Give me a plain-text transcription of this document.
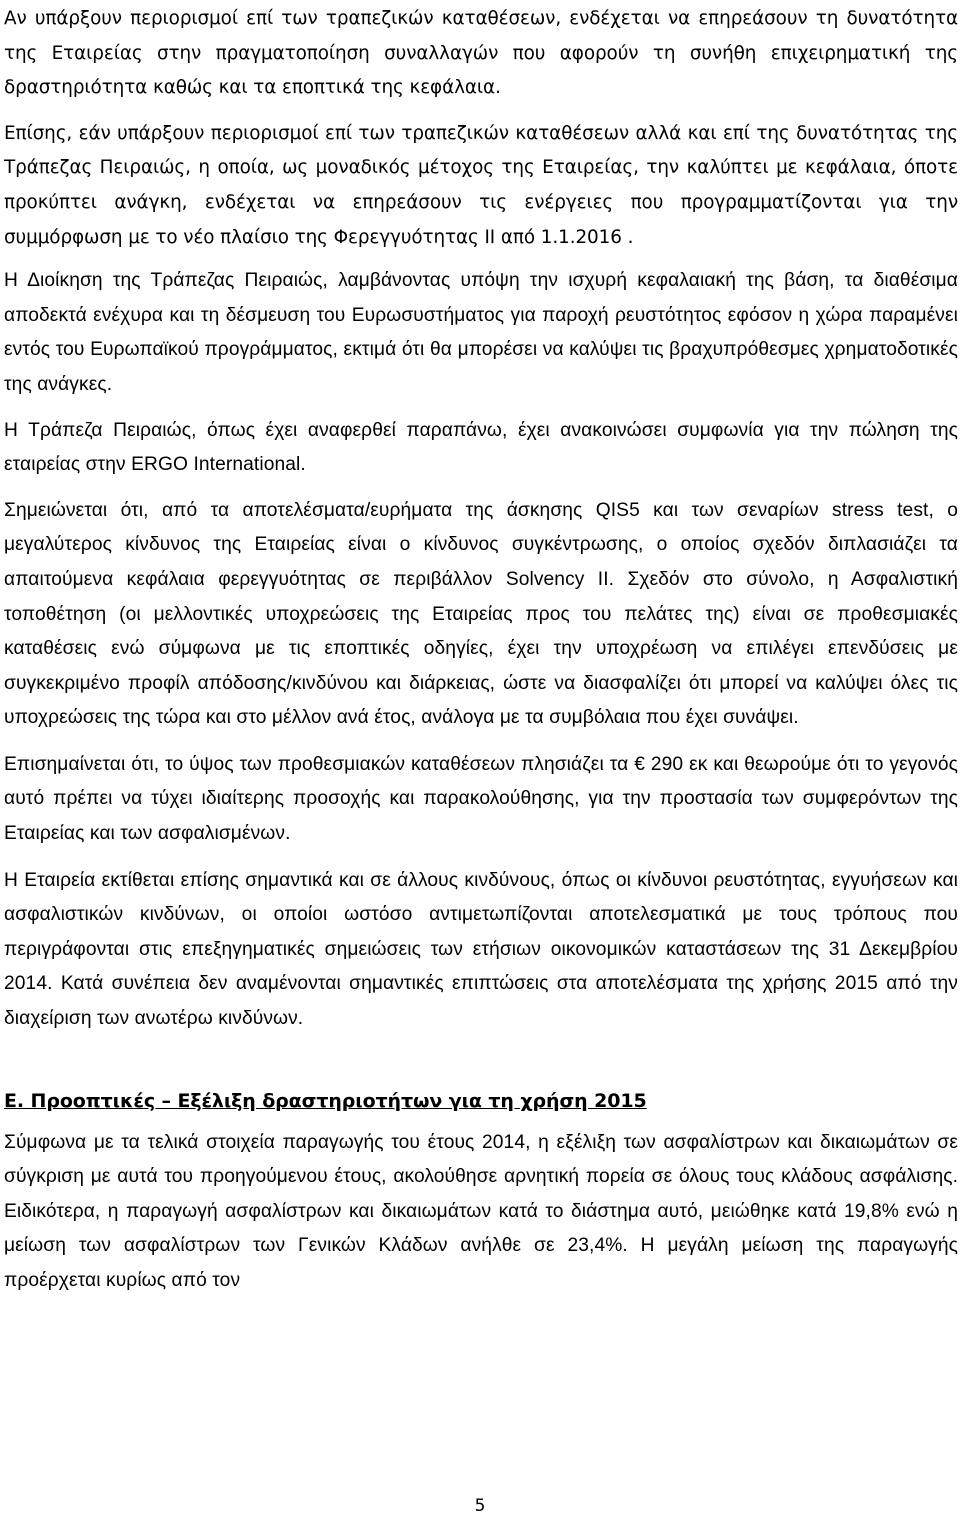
Αν υπάρξουν περιορισμοί επί των τραπεζικών καταθέσεων, ενδέχεται να επηρεάσουν τη δυνατότητα της Εταιρείας στην πραγματοποίηση συναλλαγών που αφορούν τη συνήθη επιχειρηματική της δραστηριότητα καθώς και τα εποπτικά της κεφάλαια.

Επίσης, εάν υπάρξουν περιορισμοί επί των τραπεζικών καταθέσεων αλλά και επί της δυνατότητας της Τράπεζας Πειραιώς, η οποία, ως μοναδικός μέτοχος της Εταιρείας, την καλύπτει με κεφάλαια, όποτε προκύπτει ανάγκη, ενδέχεται να επηρεάσουν τις ενέργειες που προγραμματίζονται για την συμμόρφωση με το νέο πλαίσιο της Φερεγγυότητας ΙΙ από 1.1.2016 .

Η Διοίκηση της Τράπεζας Πειραιώς, λαμβάνοντας υπόψη την ισχυρή κεφαλαιακή της βάση, τα διαθέσιμα αποδεκτά ενέχυρα και τη δέσμευση του Ευρωσυστήματος για παροχή ρευστότητος εφόσον η χώρα παραμένει εντός του Ευρωπαϊκού προγράμματος, εκτιμά ότι θα μπορέσει να καλύψει τις βραχυπρόθεσμες χρηματοδοτικές της ανάγκες.

Η Τράπεζα Πειραιώς, όπως έχει αναφερθεί παραπάνω, έχει ανακοινώσει συμφωνία για την πώληση της εταιρείας στην ERGO International.

Σημειώνεται ότι, από τα αποτελέσματα/ευρήματα της άσκησης QIS5 και των σεναρίων stress test, ο μεγαλύτερος κίνδυνος της Εταιρείας είναι ο κίνδυνος συγκέντρωσης, ο οποίος σχεδόν διπλασιάζει τα απαιτούμενα κεφάλαια φερεγγυότητας σε περιβάλλον Solvency II. Σχεδόν στο σύνολο, η Ασφαλιστική τοποθέτηση (οι μελλοντικές υποχρεώσεις της Εταιρείας προς του πελάτες της) είναι σε προθεσμιακές καταθέσεις ενώ σύμφωνα με τις εποπτικές οδηγίες, έχει την υποχρέωση να επιλέγει επενδύσεις με συγκεκριμένο προφίλ απόδοσης/κινδύνου και διάρκειας, ώστε να διασφαλίζει ότι μπορεί να καλύψει όλες τις υποχρεώσεις της τώρα και στο μέλλον ανά έτος, ανάλογα με τα συμβόλαια που έχει συνάψει.

Επισημαίνεται ότι, το ύψος των προθεσμιακών καταθέσεων πλησιάζει τα € 290 εκ και θεωρούμε ότι το γεγονός αυτό πρέπει να τύχει ιδιαίτερης προσοχής και παρακολούθησης, για την προστασία των συμφερόντων της Εταιρείας και των ασφαλισμένων.

Η Εταιρεία εκτίθεται επίσης σημαντικά και σε άλλους κινδύνους, όπως οι κίνδυνοι ρευστότητας, εγγυήσεων και ασφαλιστικών κινδύνων, οι οποίοι ωστόσο αντιμετωπίζονται αποτελεσματικά με τους τρόπους που περιγράφονται στις επεξηγηματικές σημειώσεις των ετήσιων οικονομικών καταστάσεων της 31 Δεκεμβρίου 2014. Κατά συνέπεια δεν αναμένονται σημαντικές επιπτώσεις στα αποτελέσματα της χρήσης 2015 από την διαχείριση των ανωτέρω κινδύνων.

Ε. Προοπτικές – Εξέλιξη δραστηριοτήτων για τη χρήση 2015

Σύμφωνα με τα τελικά στοιχεία παραγωγής του έτους 2014, η εξέλιξη των ασφαλίστρων και δικαιωμάτων σε σύγκριση με αυτά του προηγούμενου έτους, ακολούθησε αρνητική πορεία σε όλους τους κλάδους ασφάλισης. Ειδικότερα, η παραγωγή ασφαλίστρων και δικαιωμάτων κατά το διάστημα αυτό, μειώθηκε κατά 19,8% ενώ η μείωση των ασφαλίστρων των Γενικών Κλάδων ανήλθε σε 23,4%. Η μεγάλη μείωση της παραγωγής προέρχεται κυρίως από τον

5
